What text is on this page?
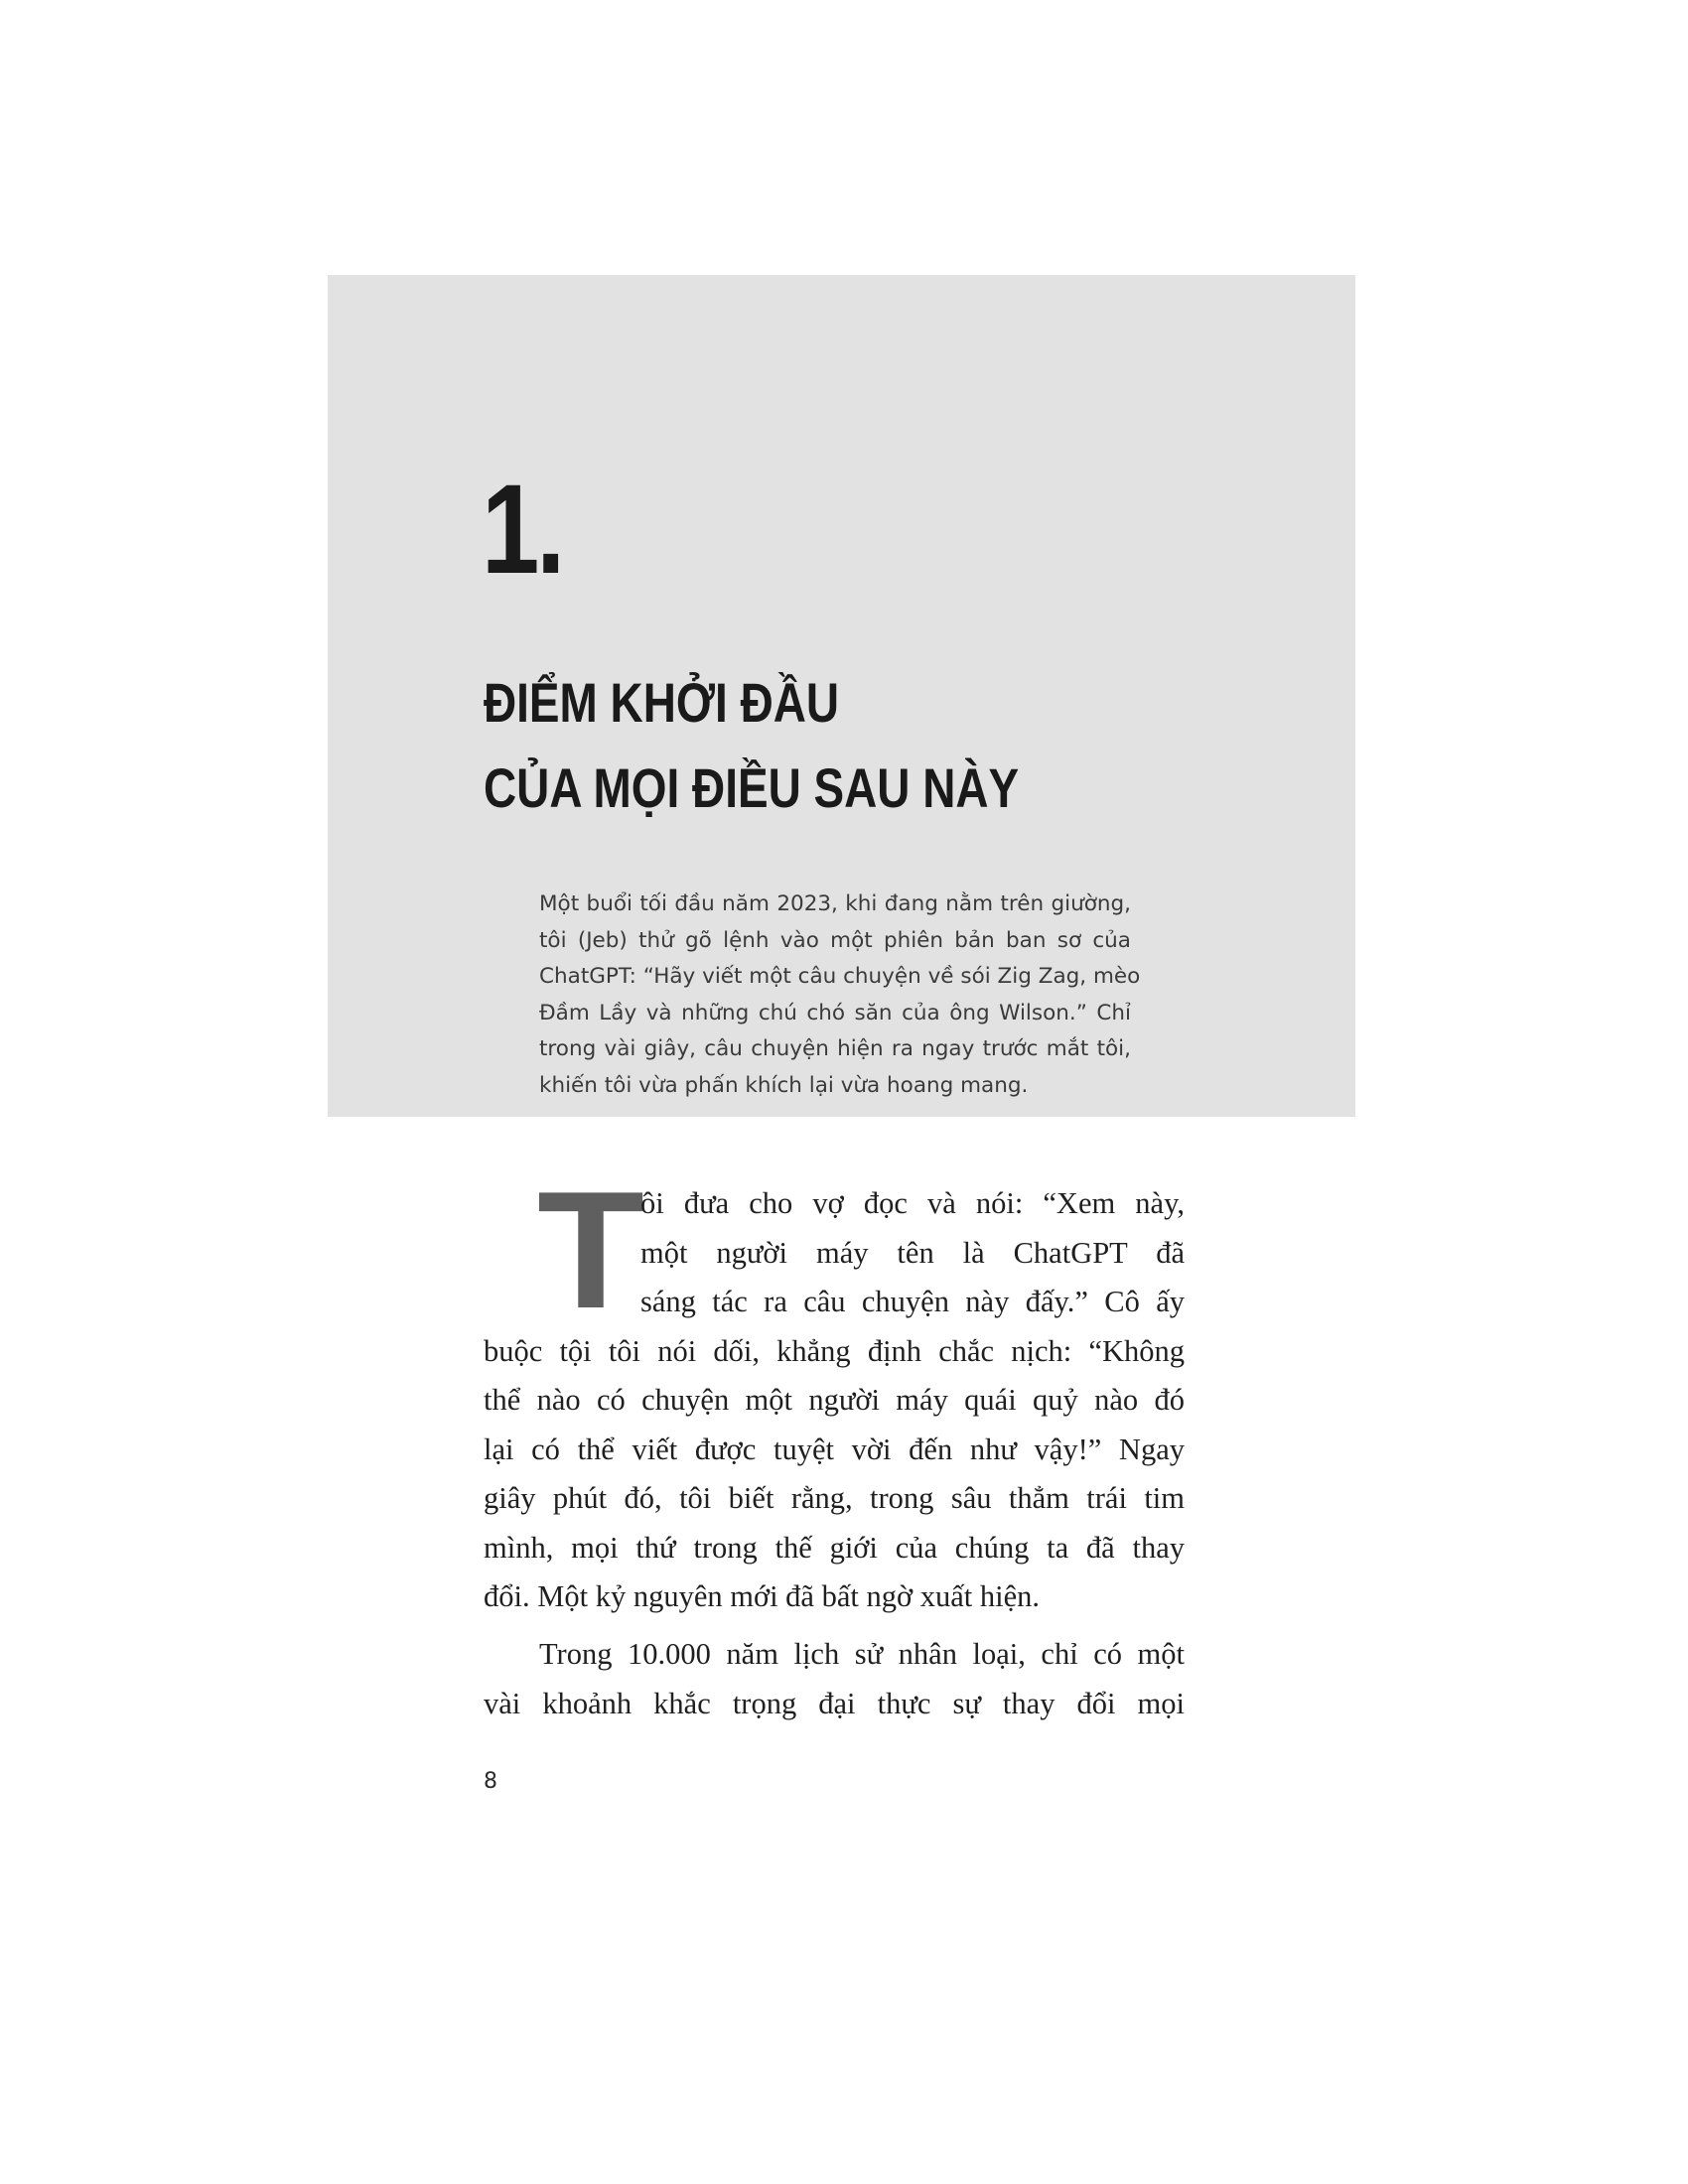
1.
ĐIỂM KHỞI ĐẦU
CỦA MỌI ĐIỀU SAU NÀY
Một buổi tối đầu năm 2023, khi đang nằm trên giường,
tôi (Jeb) thử gõ lệnh vào một phiên bản ban sơ của
ChatGPT: “Hãy viết một câu chuyện về sói Zig Zag, mèo
Đầm Lầy và những chú chó săn của ông Wilson.” Chỉ
trong vài giây, câu chuyện hiện ra ngay trước mắt tôi,
khiến tôi vừa phấn khích lại vừa hoang mang.
T
ôi đưa cho vợ đọc và nói: “Xem này,
một người máy tên là ChatGPT đã
sáng tác ra câu chuyện này đấy.” Cô ấy
buộc tội tôi nói dối, khẳng định chắc nịch: “Không
thể nào có chuyện một người máy quái quỷ nào đó
lại có thể viết được tuyệt vời đến như vậy!” Ngay
giây phút đó, tôi biết rằng, trong sâu thẳm trái tim
mình, mọi thứ trong thế giới của chúng ta đã thay
đổi. Một kỷ nguyên mới đã bất ngờ xuất hiện.
Trong 10.000 năm lịch sử nhân loại, chỉ có một
vài khoảnh khắc trọng đại thực sự thay đổi mọi
8
